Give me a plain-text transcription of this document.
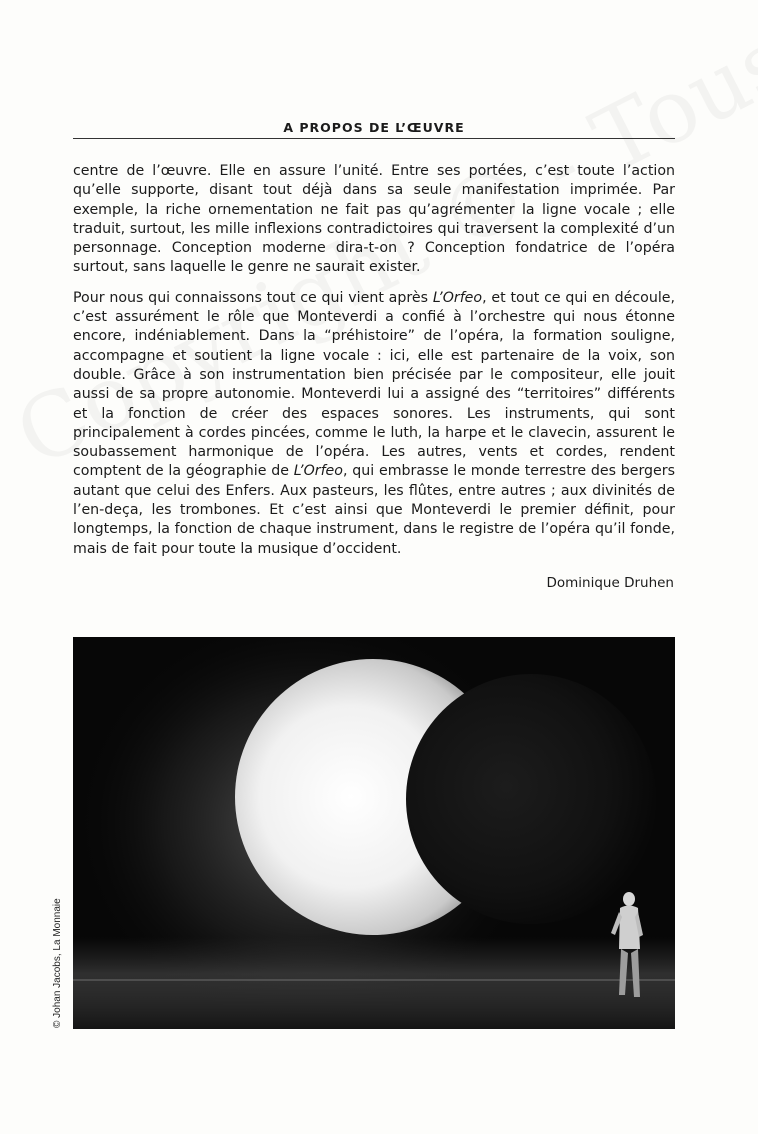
A PROPOS DE L’ŒUVRE

centre de l’œuvre. Elle en assure l’unité. Entre ses portées, c’est toute l’action qu’elle supporte, disant tout déjà dans sa seule manifestation imprimée. Par exemple, la riche ornementation ne fait pas qu’agrémenter la ligne vocale ; elle traduit, surtout, les mille inflexions contradictoires qui traversent la complexité d’un personnage. Conception moderne dira-t-on ? Conception fondatrice de l’opéra surtout, sans laquelle le genre ne saurait exister.

Pour nous qui connaissons tout ce qui vient après L’Orfeo, et tout ce qui en découle, c’est assurément le rôle que Monteverdi a confié à l’orchestre qui nous étonne encore, indéniablement. Dans la “préhistoire” de l’opéra, la formation souligne, accompagne et soutient la ligne vocale : ici, elle est partenaire de la voix, son double. Grâce à son instrumentation bien précisée par le compositeur, elle jouit aussi de sa propre autonomie. Monteverdi lui a assigné des “territoires” différents et la fonction de créer des espaces sonores. Les instruments, qui sont principalement à cordes pincées, comme le luth, la harpe et le clavecin, assurent le soubassement harmonique de l’opéra. Les autres, vents et cordes, rendent comptent de la géographie de L’Orfeo, qui embrasse le monde terrestre des bergers autant que celui des Enfers. Aux pasteurs, les flûtes, entre autres ; aux divinités de l’en-deça, les trombones. Et c’est ainsi que Monteverdi le premier définit, pour longtemps, la fonction de chaque instrument, dans le registre de l’opéra qu’il fonde, mais de fait pour toute la musique d’occident.

Dominique Druhen
© Johan Jacobs, La Monnaie
